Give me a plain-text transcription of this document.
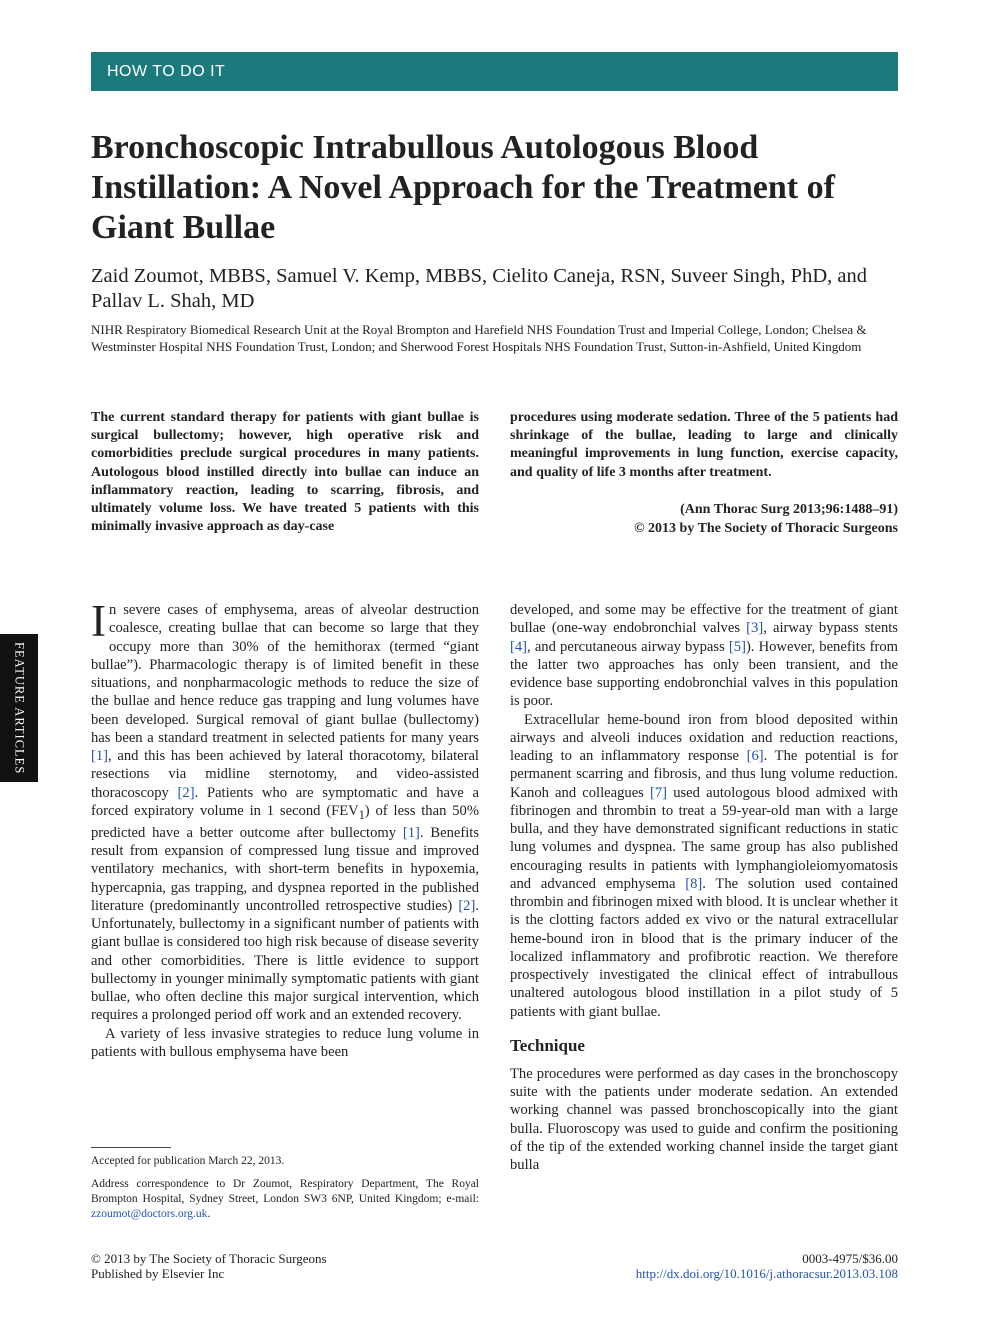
HOW TO DO IT
Bronchoscopic Intrabullous Autologous Blood Instillation: A Novel Approach for the Treatment of Giant Bullae
Zaid Zoumot, MBBS, Samuel V. Kemp, MBBS, Cielito Caneja, RSN, Suveer Singh, PhD, and Pallav L. Shah, MD
NIHR Respiratory Biomedical Research Unit at the Royal Brompton and Harefield NHS Foundation Trust and Imperial College, London; Chelsea & Westminster Hospital NHS Foundation Trust, London; and Sherwood Forest Hospitals NHS Foundation Trust, Sutton-in-Ashfield, United Kingdom
The current standard therapy for patients with giant bullae is surgical bullectomy; however, high operative risk and comorbidities preclude surgical procedures in many patients. Autologous blood instilled directly into bullae can induce an inflammatory reaction, leading to scarring, fibrosis, and ultimately volume loss. We have treated 5 patients with this minimally invasive approach as day-case
procedures using moderate sedation. Three of the 5 patients had shrinkage of the bullae, leading to large and clinically meaningful improvements in lung function, exercise capacity, and quality of life 3 months after treatment.
(Ann Thorac Surg 2013;96:1488–91)
© 2013 by The Society of Thoracic Surgeons
FEATURE ARTICLES

In severe cases of emphysema, areas of alveolar destruction coalesce, creating bullae that can become so large that they occupy more than 30% of the hemithorax (termed “giant bullae”). Pharmacologic therapy is of limited benefit in these situations, and nonpharmacologic methods to reduce the size of the bullae and hence reduce gas trapping and lung volumes have been developed. Surgical removal of giant bullae (bullectomy) has been a standard treatment in selected patients for many years [1], and this has been achieved by lateral thoracotomy, bilateral resections via midline sternotomy, and video-assisted thoracoscopy [2]. Patients who are symptomatic and have a forced expiratory volume in 1 second $(FEV_1)$ of less than 50% predicted have a better outcome after bullectomy [1]. Benefits result from expansion of compressed lung tissue and improved ventilatory mechanics, with short-term benefits in hypoxemia, hypercapnia, gas trapping, and dyspnea reported in the published literature (predominantly uncontrolled retrospective studies) [2]. Unfortunately, bullectomy in a significant number of patients with giant bullae is considered too high risk because of disease severity and other comorbidities. There is little evidence to support bullectomy in younger minimally symptomatic patients with giant bullae, who often decline this major surgical intervention, which requires a prolonged period off work and an extended recovery.

A variety of less invasive strategies to reduce lung volume in patients with bullous emphysema have been

developed, and some may be effective for the treatment of giant bullae (one-way endobronchial valves [3], airway bypass stents [4], and percutaneous airway bypass [5]). However, benefits from the latter two approaches has only been transient, and the evidence base supporting endobronchial valves in this population is poor.

Extracellular heme-bound iron from blood deposited within airways and alveoli induces oxidation and reduction reactions, leading to an inflammatory response [6]. The potential is for permanent scarring and fibrosis, and thus lung volume reduction. Kanoh and colleagues [7] used autologous blood admixed with fibrinogen and thrombin to treat a 59-year-old man with a large bulla, and they have demonstrated significant reductions in static lung volumes and dyspnea. The same group has also published encouraging results in patients with lymphangioleiomyomatosis and advanced emphysema [8]. The solution used contained thrombin and fibrinogen mixed with blood. It is unclear whether it is the clotting factors added ex vivo or the natural extracellular heme-bound iron in blood that is the primary inducer of the localized inflammatory and profibrotic reaction. We therefore prospectively investigated the clinical effect of intrabullous unaltered autologous blood instillation in a pilot study of 5 patients with giant bullae.

Technique

The procedures were performed as day cases in the bronchoscopy suite with the patients under moderate sedation. An extended working channel was passed bronchoscopically into the giant bulla. Fluoroscopy was used to guide and confirm the positioning of the tip of the extended working channel inside the target giant bulla

Accepted for publication March 22, 2013.

Address correspondence to Dr Zoumot, Respiratory Department, The Royal Brompton Hospital, Sydney Street, London SW3 6NP, United Kingdom; e-mail: zzoumot@doctors.org.uk.

© 2013 by The Society of Thoracic Surgeons
Published by Elsevier Inc
0003-4975/$36.00
http://dx.doi.org/10.1016/j.athoracsur.2013.03.108
